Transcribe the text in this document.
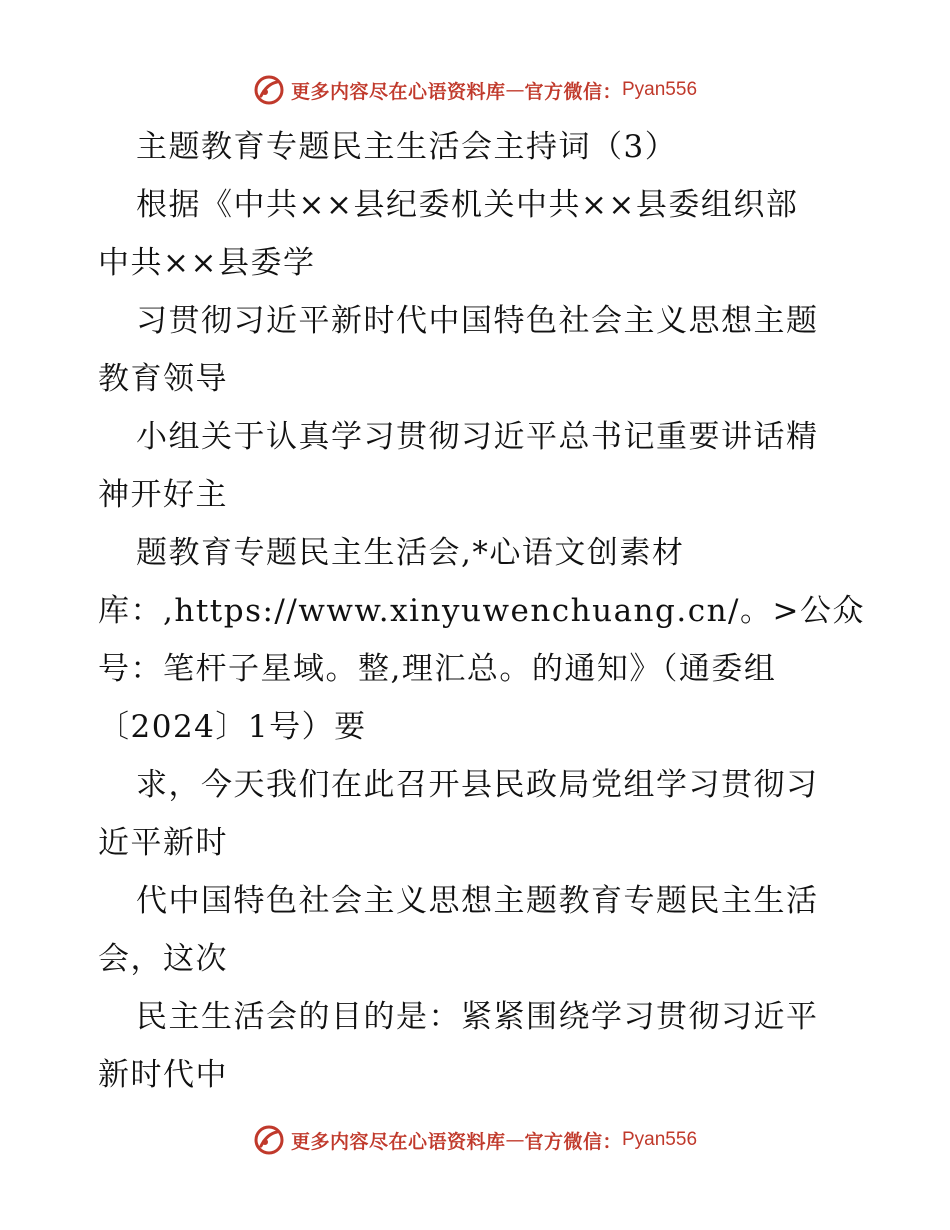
更多内容尽在心语资料库 — 官方微信： Pyan556
主题教育专题民主生活会主持词（3）
根据《中共××县纪委机关中共××县委组织部
中共××县委学
习贯彻习近平新时代中国特色社会主义思想主题
教育领导
小组关于认真学习贯彻习近平总书记重要讲话精
神开好主
题教育专题民主生活会,*心语文创素材
库：,https://www.xinyuwenchuang.cn/。>公众
号：笔杆子星域。整,理汇总。的通知》（通委组
〔2024〕1号）要
求，今天我们在此召开县民政局党组学习贯彻习
近平新时
代中国特色社会主义思想主题教育专题民主生活
会，这次
民主生活会的目的是：紧紧围绕学习贯彻习近平
新时代中
更多内容尽在心语资料库 — 官方微信： Pyan556
